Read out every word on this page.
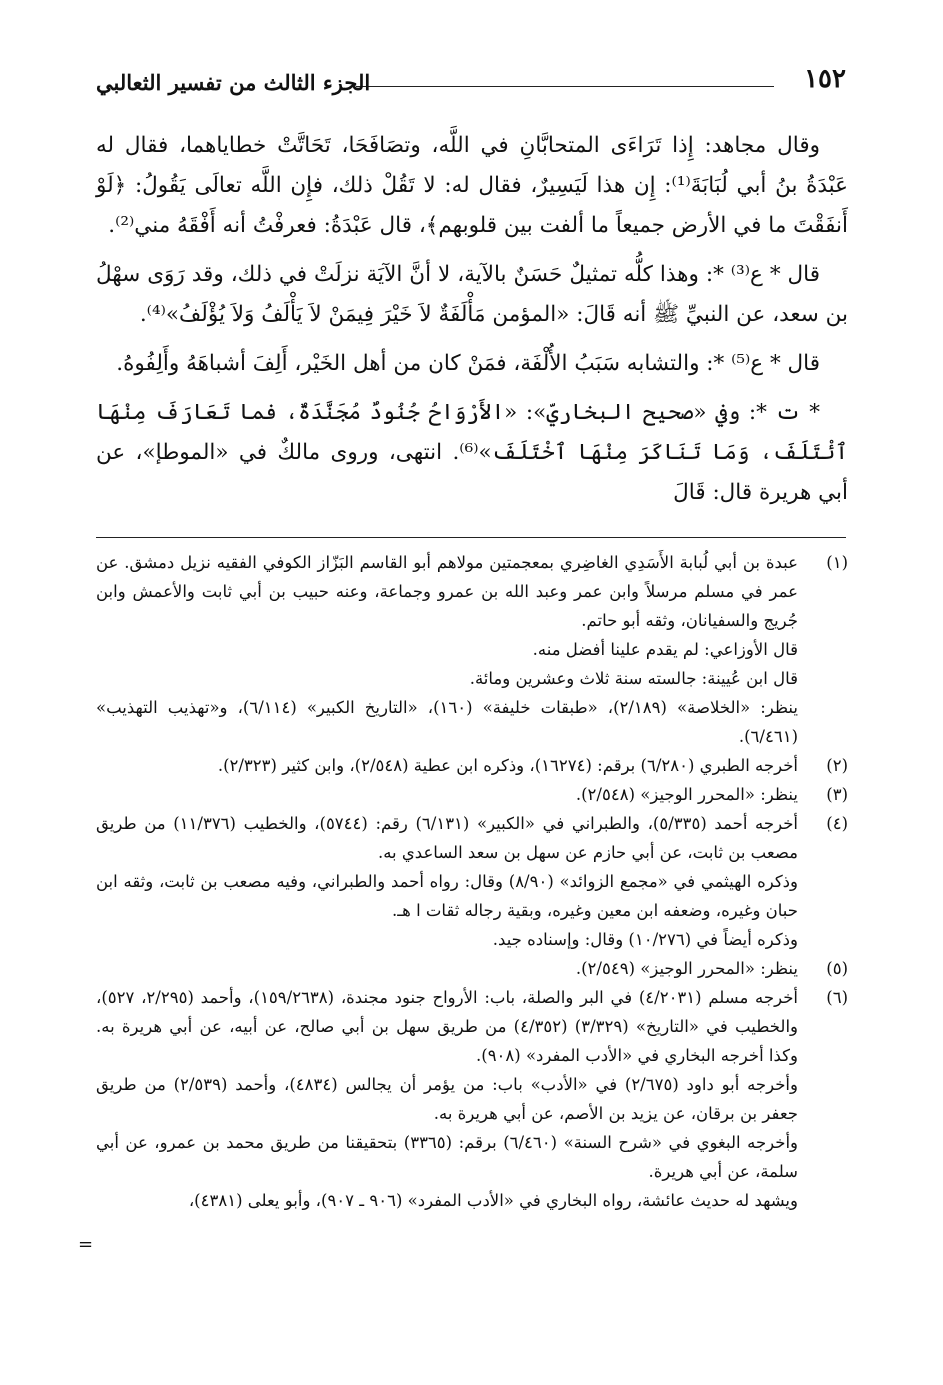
١٥٢
الجزء الثالث من تفسير الثعالبي

وقال مجاهد: إِذا تَرَاءَى المتحابَّانِ في اللَّه، وتصَافَحَا، تَحَاتَّتْ خطاياهما، فقال له عَبْدَةُ بنُ أبي لُبَابَةَ⁽¹⁾: إِن هذا لَيَسِيرٌ، فقال له: لا تَقُلْ ذلك، فإِن اللَّه تعالَى يَقُولُ: ﴿لَوْ أَنفَقْتَ ما في الأرض جميعاً ما ألفت بين قلوبهم﴾، قال عَبْدَةُ: فعرفْتُ أنه أَفْقَهُ مني⁽²⁾.

قال * ع⁽³⁾ *: وهذا كلُّه تمثيلٌ حَسَنٌ بالآية، لا أنَّ الآيَة نزلَتْ في ذلك، وقد رَوَى سهْلُ بن سعد، عن النبيِّ ﷺ أنه قَالَ: «المؤمن مَأْلَفَةٌ لاَ خَيْرَ فِيمَنْ لاَ يَأْلَفُ وَلاَ يُؤْلَفُ»⁽⁴⁾.

قال * ع⁽⁵⁾ *: والتشابه سَبَبُ الأُلْفَة، فمَنْ كان من أهل الخَيْر، أَلِفَ أشباهَهُ وأَلِفُوهُ.

* ت *: وفي «صحيح البخاريِّ»: «الأَرْوَاحُ جُنُودٌ مُجَنَّدَةٌ، فما تَعَارَفَ مِنْهَا ٱئْتَلَفَ، وَمَا تَنَاكَرَ مِنْهَا ٱخْتَلَفَ»⁽⁶⁾. انتهى، وروى مالكٌ في «الموطإ»، عن أبي هريرة قال: قَالَ

(١)
عبدة بن أبي لُبابة الأَسَدِي الغاضِري بمعجمتين مولاهم أبو القاسم البَزّاز الكوفي الفقيه نزيل دمشق. عن عمر في مسلم مرسلاً وابن عمر وعبد الله بن عمرو وجماعة، وعنه حبيب بن أبي ثابت والأعمش وابن جُريج والسفيانان، وثقه أبو حاتم.
قال الأوزاعي: لم يقدم علينا أفضل منه.
قال ابن عُيينة: جالسته سنة ثلاث وعشرين ومائة.
ينظر: «الخلاصة» (٢/١٨٩)، «طبقات خليفة» (١٦٠)، «التاريخ الكبير» (٦/١١٤)، و«تهذيب التهذيب» (٦/٤٦١).
(٢)
أخرجه الطبري (٦/٢٨٠) برقم: (١٦٢٧٤)، وذكره ابن عطية (٢/٥٤٨)، وابن كثير (٢/٣٢٣).
(٣)
ينظر: «المحرر الوجيز» (٢/٥٤٨).
(٤)
أخرجه أحمد (٥/٣٣٥)، والطبراني في «الكبير» (٦/١٣١) رقم: (٥٧٤٤)، والخطيب (١١/٣٧٦) من طريق مصعب بن ثابت، عن أبي حازم عن سهل بن سعد الساعدي به.
وذكره الهيثمي في «مجمع الزوائد» (٨/٩٠) وقال: رواه أحمد والطبراني، وفيه مصعب بن ثابت، وثقه ابن حبان وغيره، وضعفه ابن معين وغيره، وبقية رجاله ثقات ا هـ.
وذكره أيضاً في (١٠/٢٧٦) وقال: وإسناده جيد.
(٥)
ينظر: «المحرر الوجيز» (٢/٥٤٩).
(٦)
أخرجه مسلم (٤/٢٠٣١) في البر والصلة، باب: الأرواح جنود مجندة، (١٥٩/٢٦٣٨)، وأحمد (٢/٢٩٥، ٥٢٧)، والخطيب في «التاريخ» (٣/٣٢٩) (٤/٣٥٢) من طريق سهل بن أبي صالح، عن أبيه، عن أبي هريرة به. وكذا أخرجه البخاري في «الأدب المفرد» (٩٠٨).
وأخرجه أبو داود (٢/٦٧٥) في «الأدب» باب: من يؤمر أن يجالس (٤٨٣٤)، وأحمد (٢/٥٣٩) من طريق جعفر بن برقان، عن يزيد بن الأصم، عن أبي هريرة به.
وأخرجه البغوي في «شرح السنة» (٦/٤٦٠) برقم: (٣٣٦٥) بتحقيقنا من طريق محمد بن عمرو، عن أبي سلمة، عن أبي هريرة.
ويشهد له حديث عائشة، رواه البخاري في «الأدب المفرد» (٩٠٦ ـ ٩٠٧)، وأبو يعلى (٤٣٨١)،
=
